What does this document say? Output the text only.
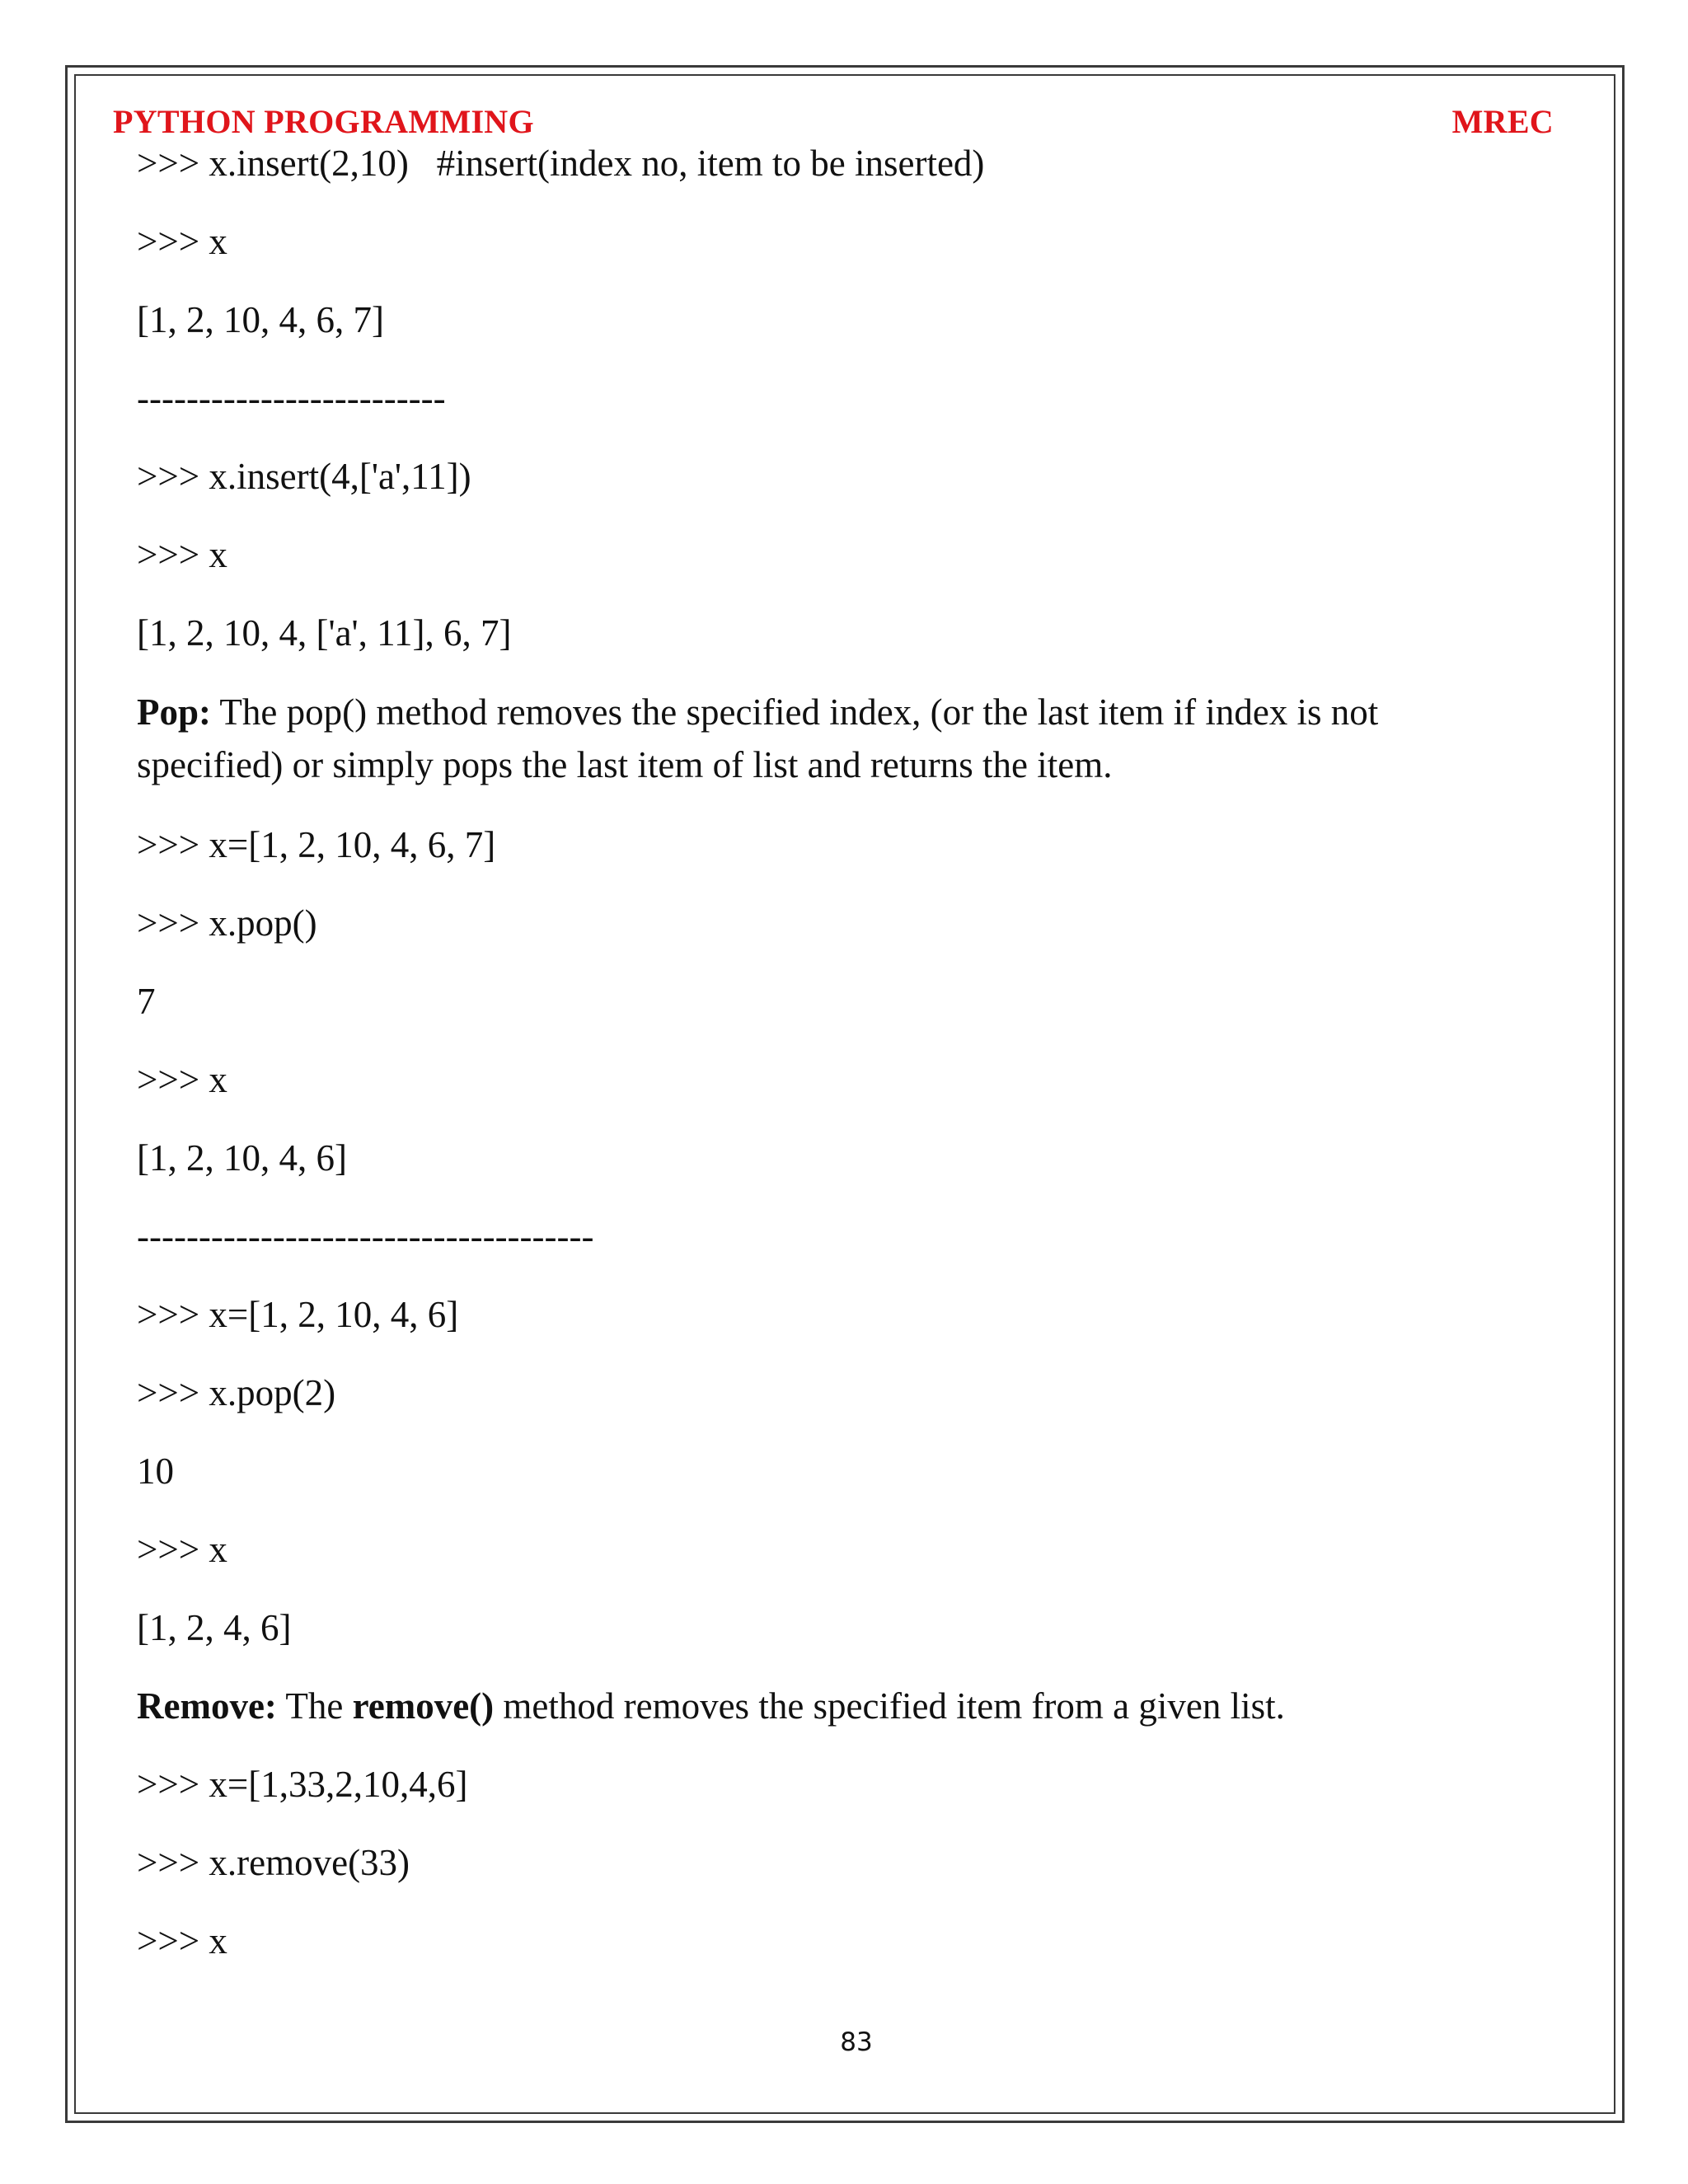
PYTHON PROGRAMMING	MREC
>>> x.insert(2,10)   #insert(index no, item to be inserted)
>>> x
[1, 2, 10, 4, 6, 7]
-------------------------
>>> x.insert(4,['a',11])
>>> x
[1, 2, 10, 4, ['a', 11], 6, 7]
Pop: The pop() method removes the specified index, (or the last item if index is not specified) or simply pops the last item of list and returns the item.
>>> x=[1, 2, 10, 4, 6, 7]
>>> x.pop()
7
>>> x
[1, 2, 10, 4, 6]
-------------------------------------
>>> x=[1, 2, 10, 4, 6]
>>> x.pop(2)
10
>>> x
[1, 2, 4, 6]
Remove: The remove() method removes the specified item from a given list.
>>> x=[1,33,2,10,4,6]
>>> x.remove(33)
>>> x
83
